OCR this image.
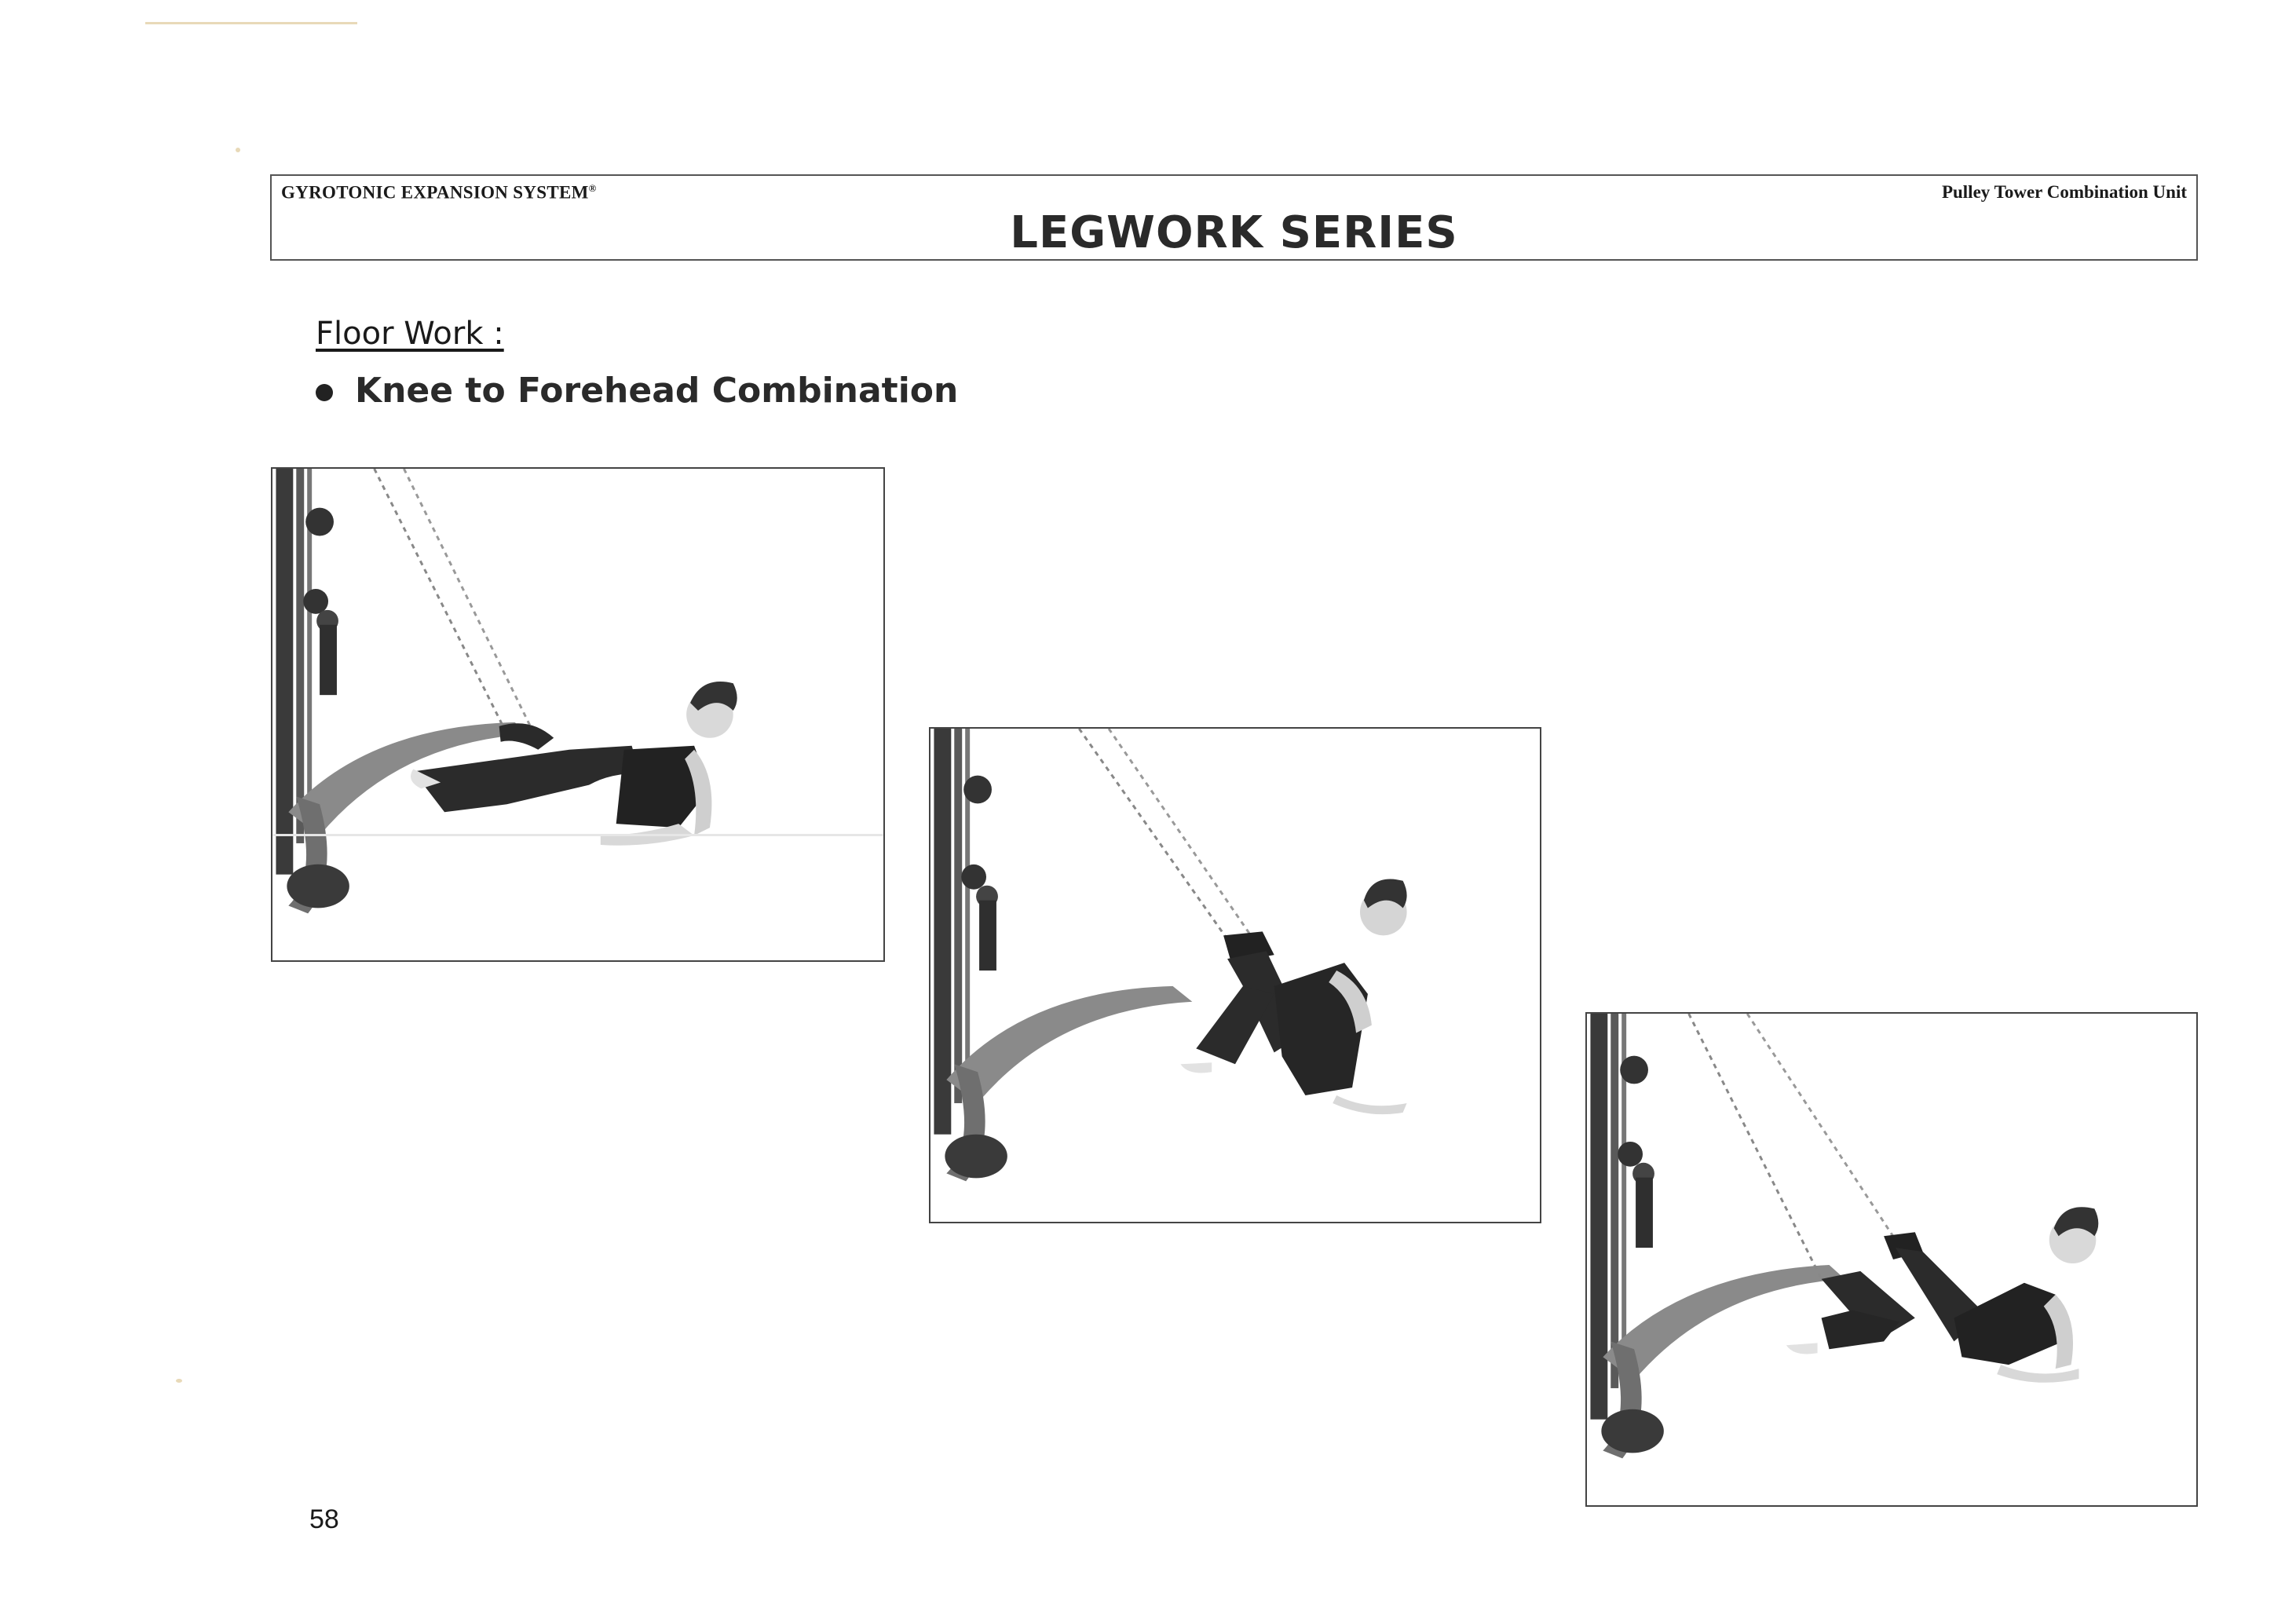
GYROTONIC EXPANSION SYSTEM®	Pulley Tower Combination Unit
LEGWORK SERIES
Floor Work :
Knee to Forehead Combination
58
